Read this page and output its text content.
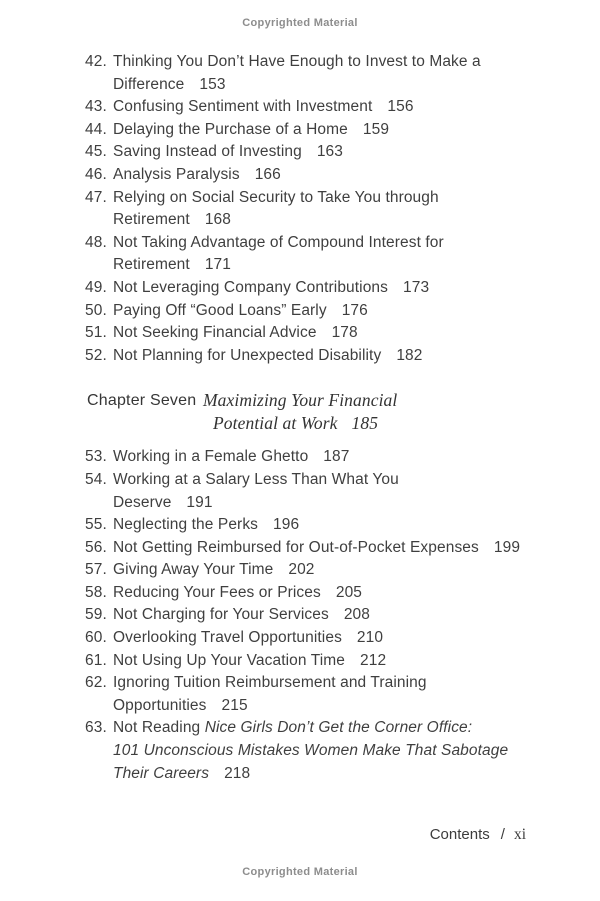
Copyrighted Material
42. Thinking You Don’t Have Enough to Invest to Make a
Difference 153
43. Confusing Sentiment with Investment 156
44. Delaying the Purchase of a Home 159
45. Saving Instead of Investing 163
46. Analysis Paralysis 166
47. Relying on Social Security to Take You through
Retirement 168
48. Not Taking Advantage of Compound Interest for
Retirement 171
49. Not Leveraging Company Contributions 173
50. Paying Off “Good Loans” Early 176
51. Not Seeking Financial Advice 178
52. Not Planning for Unexpected Disability 182
Chapter Seven Maximizing Your Financial
Potential at Work 185
53. Working in a Female Ghetto 187
54. Working at a Salary Less Than What You
Deserve 191
55. Neglecting the Perks 196
56. Not Getting Reimbursed for Out-of-Pocket Expenses 199
57. Giving Away Your Time 202
58. Reducing Your Fees or Prices 205
59. Not Charging for Your Services 208
60. Overlooking Travel Opportunities 210
61. Not Using Up Your Vacation Time 212
62. Ignoring Tuition Reimbursement and Training
Opportunities 215
63. Not Reading Nice Girls Don’t Get the Corner Office:
101 Unconscious Mistakes Women Make That Sabotage
Their Careers 218
Contents / xi
Copyrighted Material
